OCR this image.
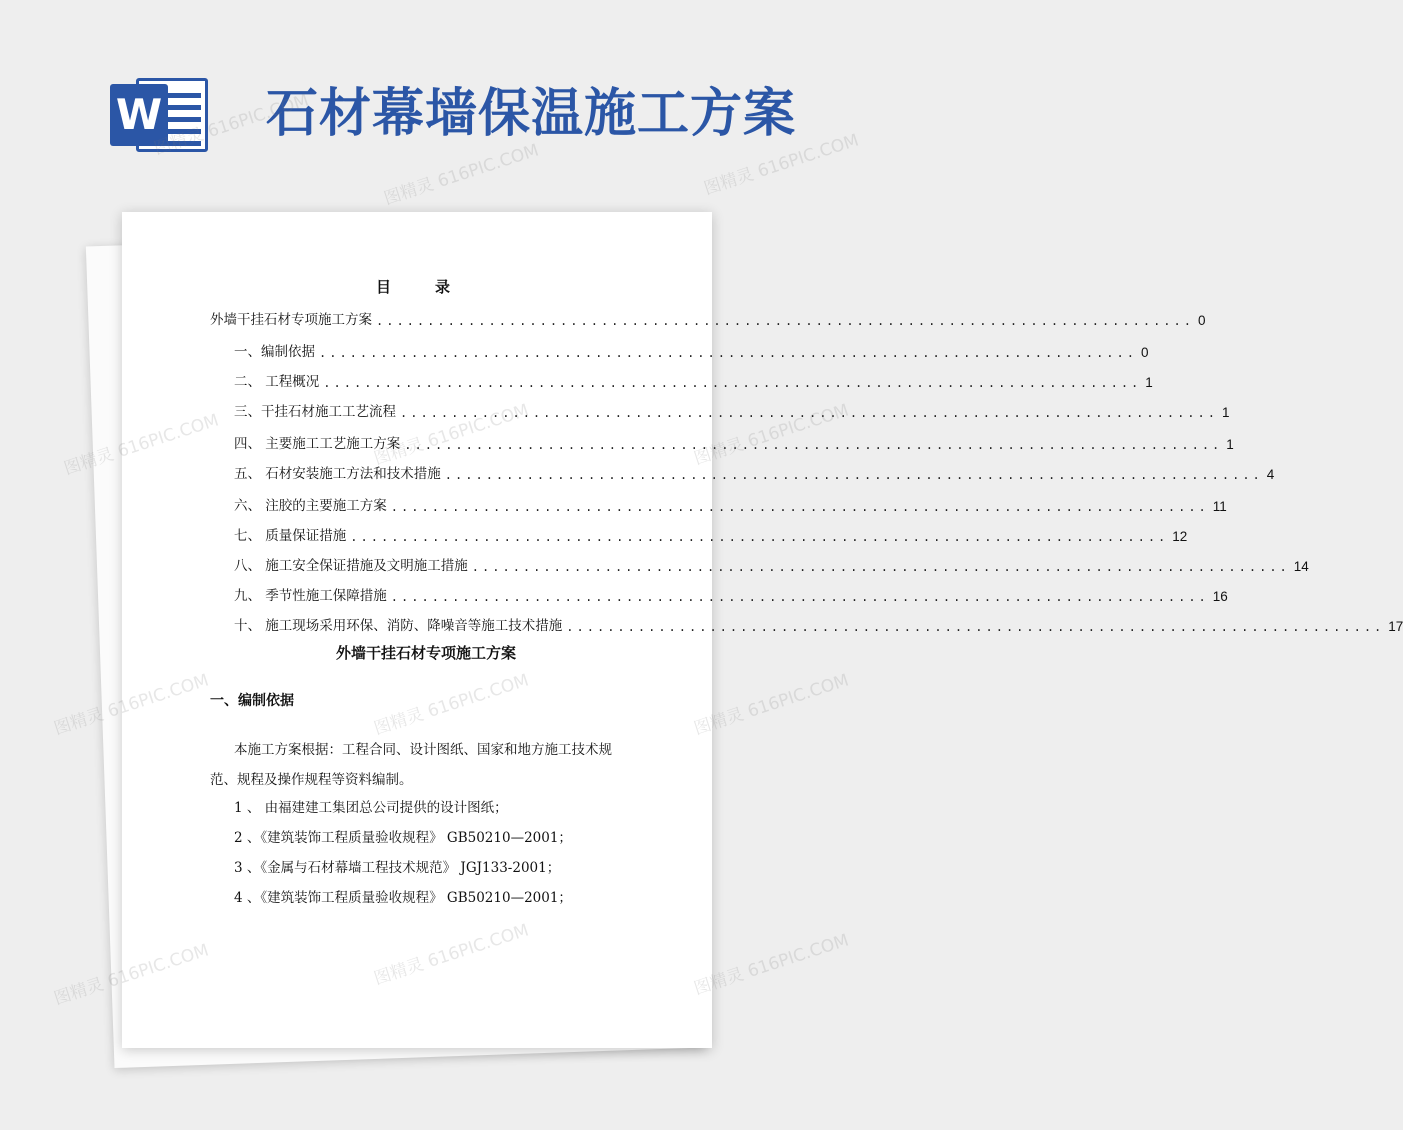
W 石材幕墙保温施工方案
目录
外墙干挂石材专项施工方案 ................................................................................ 0
一、编制依据 ................................................................................ 0
二、 工程概况 ................................................................................ 1
三、干挂石材施工工艺流程 ................................................................................ 1
四、 主要施工工艺施工方案 ................................................................................ 1
五、 石材安装施工方法和技术措施 ................................................................................ 4
六、 注胶的主要施工方案 ................................................................................ 11
七、 质量保证措施 ................................................................................ 12
八、 施工安全保证措施及文明施工措施 ................................................................................ 14
九、 季节性施工保障措施 ................................................................................ 16
十、 施工现场采用环保、消防、降噪音等施工技术措施 ................................................................................ 17
外墙干挂石材专项施工方案
一、编制依据
本施工方案根据：工程合同、设计图纸、国家和地方施工技术规
范、规程及操作规程等资料编制。
1 、 由福建建工集团总公司提供的设计图纸；
2 、《建筑装饰工程质量验收规程》 GB50210—2001；
3 、《金属与石材幕墙工程技术规范》 JGJ133-2001；
4 、《建筑装饰工程质量验收规程》 GB50210—2001；
图精灵 616PIC.COM
图精灵 616PIC.COM	图精灵 616PIC.COM
图精灵	图精灵 616PIC.COM
图精灵	图精灵 616PIC.COM
图精灵	图精灵 616PIC.COM
